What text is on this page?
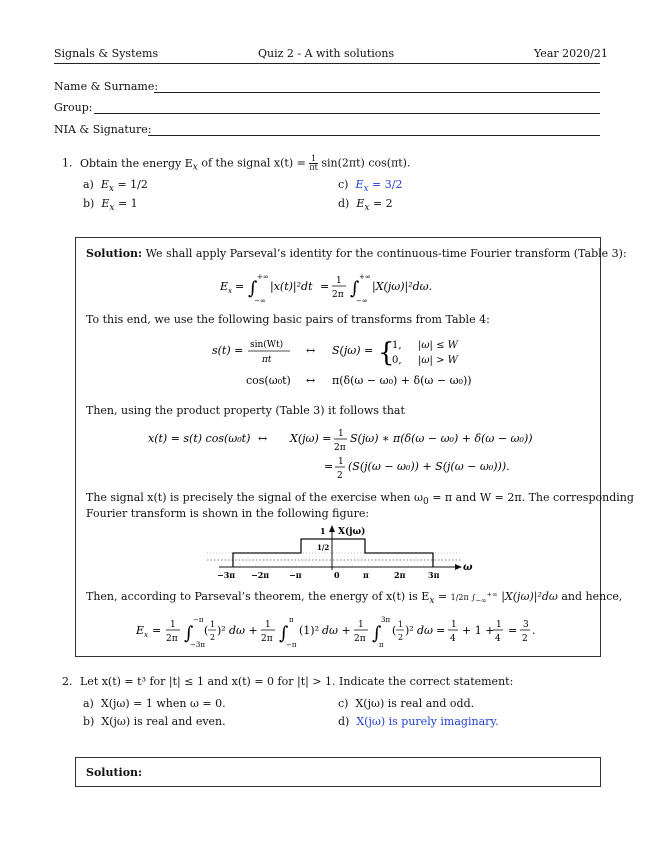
Signals & Systems	Quiz 2 - A with solutions	Year 2020/21
Name & Surname:
Group:
NIA & Signature:
1. Obtain the energy $E_x$ of the signal $x(t) = \frac{1}{\pi t} \sin(2\pi t)$ cos(πt).
a) $E_x = 1/2$
b) $E_x = 1$
c) $E_x = 3/2$
d) $E_x = 2$
Solution: We shall apply Parseval’s identity for the continuous-time Fourier transform (Table 3):
E x = ∫
+∞
−∞
|x(t)|²dt = 1
2π ∫
+∞
−∞
|X(jω)|²dω.
To this end, we use the following basic pairs of transforms from Table 4:
s(t) = sin(Wt)
πt
↔ S(jω) = {
1, |ω| ≤ W
0, |ω| > W
cos(ω₀t) ↔ π(δ(ω − ω₀) + δ(ω − ω₀))
Then, using the product property (Table 3) it follows that
x(t) = s(t) cos(ω₀t) ↔ X(jω) = 1
2π
S(jω) ∗ π(δ(ω − ω₀) + δ(ω − ω₀))
= 1
2
(S(j(ω − ω₀)) + S(j(ω − ω₀))).
The signal x(t) is precisely the signal of the exercise when $\omega_0 = \pi$ and W = 2π. The corresponding
Fourier transform is shown in the following figure:
X(jω)
1
1/2
ω
−3π −2π −π	0	π	2π	3π
Then, according to Parseval’s theorem, the energy of x(t) is $E_x = 1/2\pi$ $\int_{-\infty}^{+\infty}$ |X(jω)|²dω and hence,
E x = 1
2π ∫
−π
−3π
( 1
2
)² dω + 1
2π ∫
π
−π
(1)² dω + 1
2π ∫
3π
π
( 1
2
)² dω = 1
4
+ 1 + 1
4
= 3
2
.
2. Let x(t) = t³ for |t| ≤ 1 and x(t) = 0 for |t| > 1. Indicate the correct statement:
a) X(jω) = 1 when ω = 0.
b) X(jω) is real and even.
c) X(jω) is real and odd.
d) X(jω) is purely imaginary.
Solution:
